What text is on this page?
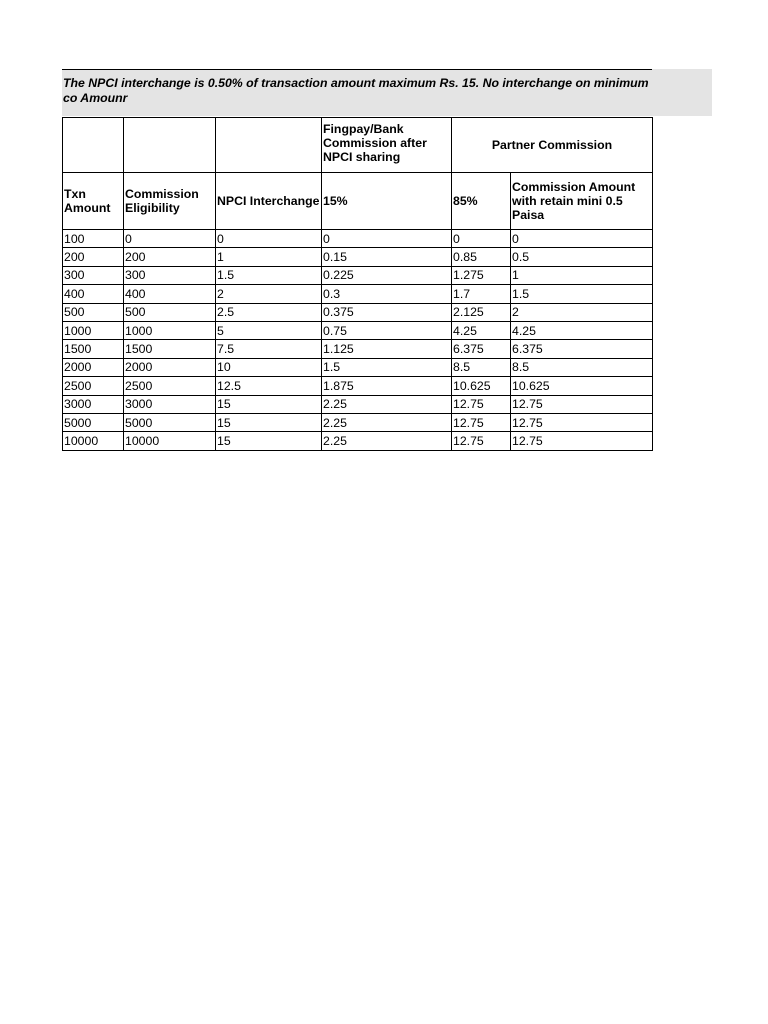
The NPCI interchange is 0.50% of transaction amount maximum Rs. 15. No interchange on minimum co Amounr
			Fingpay/Bank Commission after NPCI sharing	Partner Commission	
Txn Amount	Commission Eligibility	NPCI Interchange	15%	85%	Commission Amount with retain mini 0.5 Paisa
100	0	0	0	0	0
200	200	1	0.15	0.85	0.5
300	300	1.5	0.225	1.275	1
400	400	2	0.3	1.7	1.5
500	500	2.5	0.375	2.125	2
1000	1000	5	0.75	4.25	4.25
1500	1500	7.5	1.125	6.375	6.375
2000	2000	10	1.5	8.5	8.5
2500	2500	12.5	1.875	10.625	10.625
3000	3000	15	2.25	12.75	12.75
5000	5000	15	2.25	12.75	12.75
10000	10000	15	2.25	12.75	12.75
